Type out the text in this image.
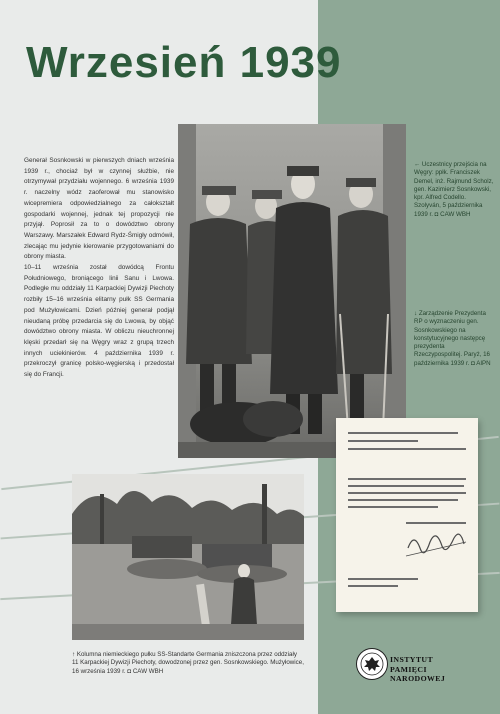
Wrzesień 1939

Generał Sosnkowski w pierwszych dniach września 1939 r., chociaż był w czynnej służbie, nie otrzymywał przydziału wojennego. 6 września 1939 r. naczelny wódz zaoferował mu stanowisko wicepremiera odpowiedzialnego za całokształt gospodarki wojennej, jednak tej propozycji nie przyjął. Poprosił za to o dowództwo obrony Warszawy. Marszałek Edward Rydz-Śmigły odmówił, zlecając mu jedynie kierowanie przygotowaniami do obrony miasta.

10–11 września został dowódcą Frontu Południowego, broniącego linii Sanu i Lwowa. Podległe mu oddziały 11 Karpackiej Dywizji Piechoty rozbiły 15–16 września elitarny pułk SS Germania pod Mużyłowicami. Dzień później generał podjął nieudaną próbę przedarcia się do Lwowa, by objąć dowództwo obrony miasta. W obliczu nieuchronnej klęski przedarł się na Węgry wraz z grupą trzech innych uciekinierów. 4 października 1939 r. przekroczył granicę polsko-węgierską i przedostał się do Francji.

← Uczestnicy przejścia na Węgry: ppłk. Franciszek Demel, inż. Rajmund Scholz, gen. Kazimierz Sosnkowski, kpr. Alfred Codello. Szolyván, 5 października 1939 r. ◘ CAW WBH
↓ Zarządzenie Prezydenta RP o wyznaczeniu gen. Sosnkowskiego na konstytucyjnego następcę prezydenta Rzeczypospolitej. Paryż, 16 października 1939 r. ◘ AIPN
↑ Kolumna niemieckiego pułku SS-Standarte Germania zniszczona przez oddziały 11 Karpackiej Dywizji Piechoty, dowodzonej przez gen. Sosnkowskiego. Mużyłowice, 16 września 1939 r. ◘ CAW WBH
INSTYTUT
PAMIĘCI
NARODOWEJ
